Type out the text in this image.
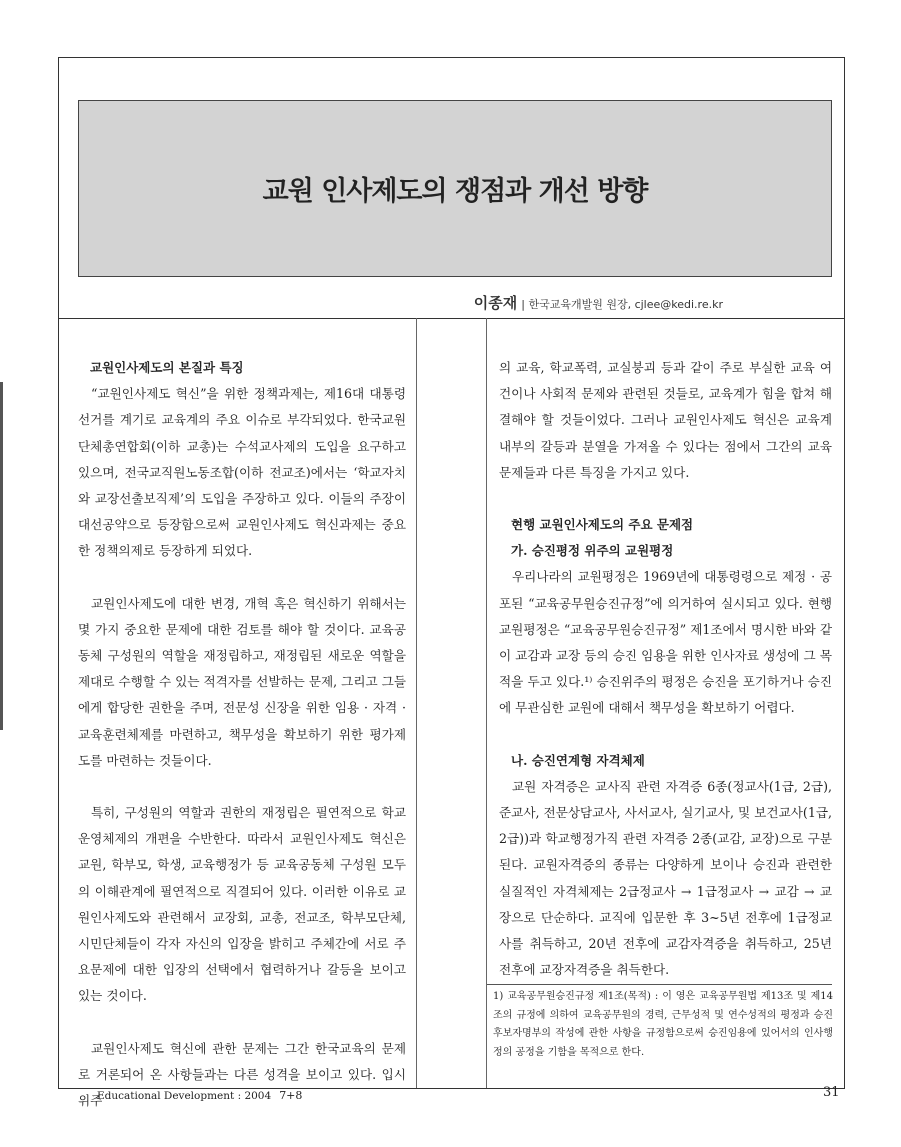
교원 인사제도의 쟁점과 개선 방향
이종재 | 한국교육개발원 원장, cjlee@kedi.re.kr

교원인사제도의 본질과 특징

“교원인사제도 혁신”을 위한 정책과제는, 제16대 대통령 선거를 계기로 교육계의 주요 이슈로 부각되었다. 한국교원단체총연합회(이하 교총)는 수석교사제의 도입을 요구하고 있으며, 전국교직원노동조합(이하 전교조)에서는 ‘학교자치와 교장선출보직제’의 도입을 주장하고 있다. 이들의 주장이 대선공약으로 등장함으로써 교원인사제도 혁신과제는 중요한 정책의제로 등장하게 되었다.

교원인사제도에 대한 변경, 개혁 혹은 혁신하기 위해서는 몇 가지 중요한 문제에 대한 검토를 해야 할 것이다. 교육공동체 구성원의 역할을 재정립하고, 재정립된 새로운 역할을 제대로 수행할 수 있는 적격자를 선발하는 문제, 그리고 그들에게 합당한 권한을 주며, 전문성 신장을 위한 임용 · 자격 · 교육훈련체제를 마련하고, 책무성을 확보하기 위한 평가제도를 마련하는 것들이다.

특히, 구성원의 역할과 권한의 재정립은 필연적으로 학교운영체제의 개편을 수반한다. 따라서 교원인사제도 혁신은 교원, 학부모, 학생, 교육행정가 등 교육공동체 구성원 모두의 이해관계에 필연적으로 직결되어 있다. 이러한 이유로 교원인사제도와 관련해서 교장회, 교총, 전교조, 학부모단체, 시민단체들이 각자 자신의 입장을 밝히고 주체간에 서로 주요문제에 대한 입장의 선택에서 협력하거나 갈등을 보이고 있는 것이다.

교원인사제도 혁신에 관한 문제는 그간 한국교육의 문제로 거론되어 온 사항들과는 다른 성격을 보이고 있다. 입시 위주

의 교육, 학교폭력, 교실붕괴 등과 같이 주로 부실한 교육 여건이나 사회적 문제와 관련된 것들로, 교육계가 힘을 합쳐 해결해야 할 것들이었다. 그러나 교원인사제도 혁신은 교육계 내부의 갈등과 분열을 가져올 수 있다는 점에서 그간의 교육 문제들과 다른 특징을 가지고 있다.

현행 교원인사제도의 주요 문제점

가. 승진평정 위주의 교원평정

우리나라의 교원평정은 1969년에 대통령령으로 제정 · 공포된 “교육공무원승진규정”에 의거하여 실시되고 있다. 현행 교원평정은 “교육공무원승진규정” 제1조에서 명시한 바와 같이 교감과 교장 등의 승진 임용을 위한 인사자료 생성에 그 목적을 두고 있다.¹⁾ 승진위주의 평정은 승진을 포기하거나 승진에 무관심한 교원에 대해서 책무성을 확보하기 어렵다.

나. 승진연계형 자격체제

교원 자격증은 교사직 관련 자격증 6종(정교사(1급, 2급), 준교사, 전문상담교사, 사서교사, 실기교사, 및 보건교사(1급, 2급))과 학교행정가직 관련 자격증 2종(교감, 교장)으로 구분된다. 교원자격증의 종류는 다양하게 보이나 승진과 관련한 실질적인 자격체제는 2급정교사 → 1급정교사 → 교감 → 교장으로 단순하다. 교직에 입문한 후 3~5년 전후에 1급정교사를 취득하고, 20년 전후에 교감자격증을 취득하고, 25년 전후에 교장자격증을 취득한다.

1) 교육공무원승진규정 제1조(목적) : 이 영은 교육공무원법 제13조 및 제14조의 규정에 의하여 교육공무원의 경력, 근무성적 및 연수성적의 평정과 승진후보자명부의 작성에 관한 사항을 규정함으로써 승진임용에 있어서의 인사행정의 공정을 기함을 목적으로 한다.
Educational Development : 2004 7+8	31
